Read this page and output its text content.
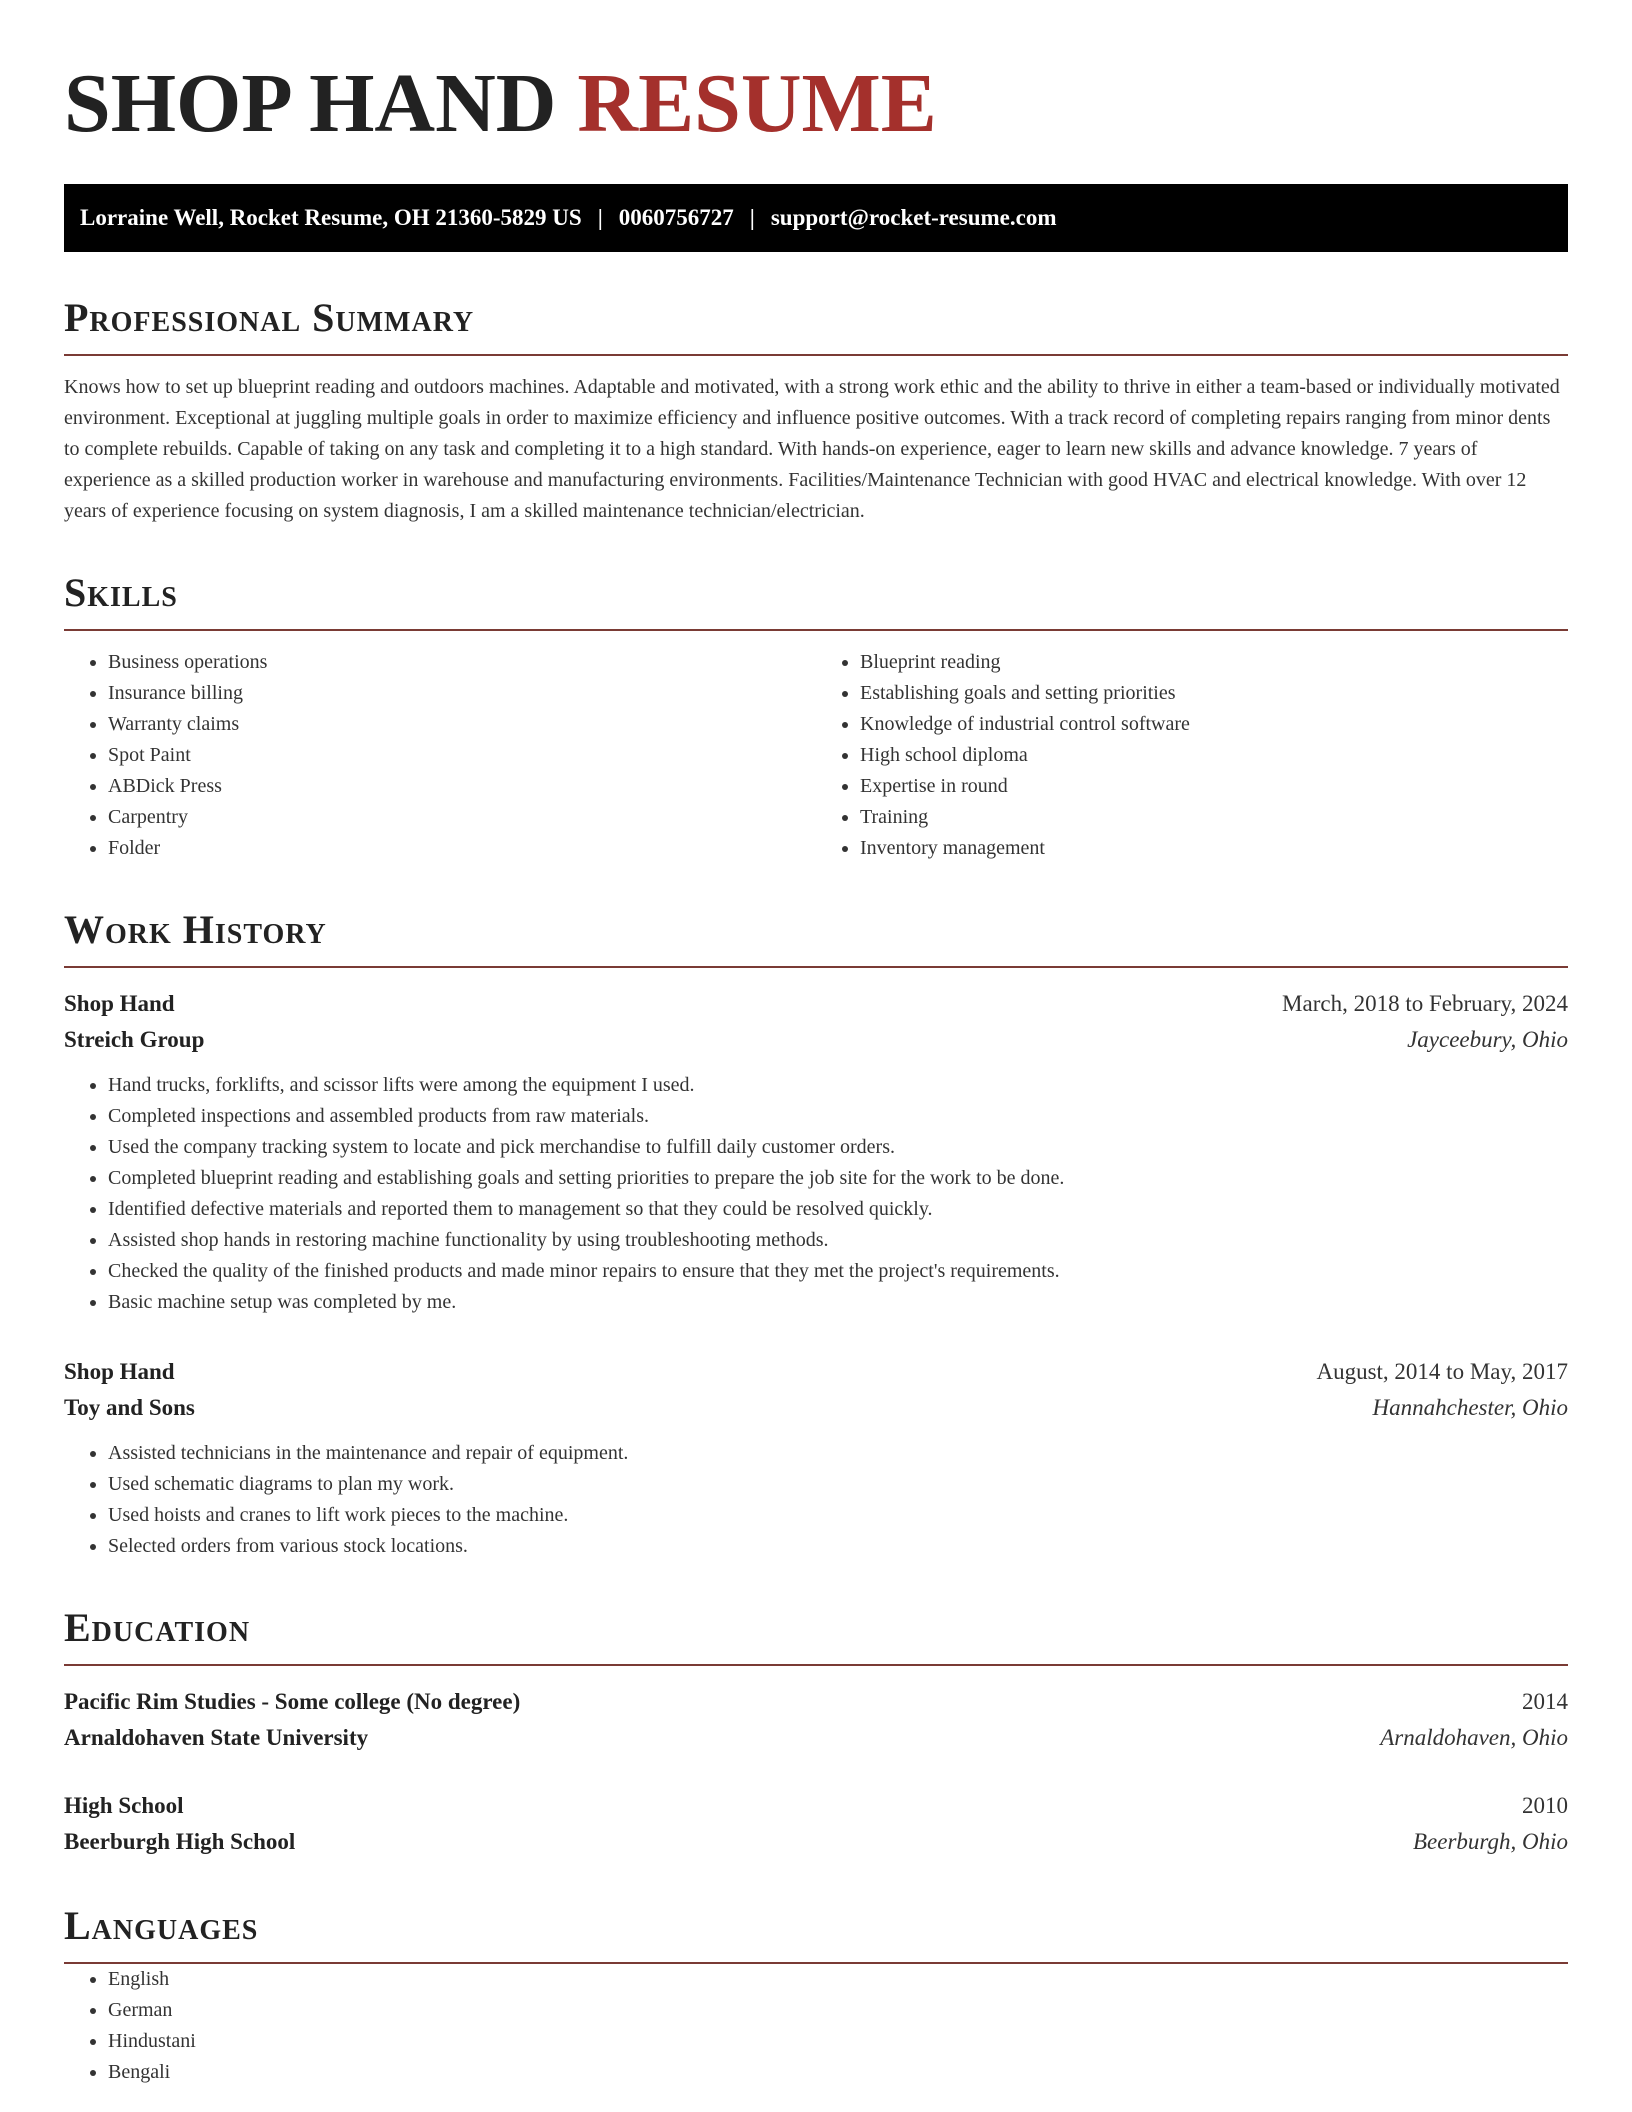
SHOP HAND RESUME
Lorraine Well, Rocket Resume, OH 21360-5829 US | 0060756727 | support@rocket-resume.com
Professional Summary

Knows how to set up blueprint reading and outdoors machines. Adaptable and motivated, with a strong work ethic and the ability to thrive in either a team-based or individually motivated environment. Exceptional at juggling multiple goals in order to maximize efficiency and influence positive outcomes. With a track record of completing repairs ranging from minor dents to complete rebuilds. Capable of taking on any task and completing it to a high standard. With hands-on experience, eager to learn new skills and advance knowledge. 7 years of experience as a skilled production worker in warehouse and manufacturing environments. Facilities/Maintenance Technician with good HVAC and electrical knowledge. With over 12 years of experience focusing on system diagnosis, I am a skilled maintenance technician/electrician.

Skills
• Business operations
• Insurance billing
• Warranty claims
• Spot Paint
• ABDick Press
• Carpentry
• Folder
• Blueprint reading
• Establishing goals and setting priorities
• Knowledge of industrial control software
• High school diploma
• Expertise in round
• Training
• Inventory management
Work History
Shop Hand	March, 2018 to February, 2024
Streich Group	Jayceebury, Ohio
• Hand trucks, forklifts, and scissor lifts were among the equipment I used.
• Completed inspections and assembled products from raw materials.
• Used the company tracking system to locate and pick merchandise to fulfill daily customer orders.
• Completed blueprint reading and establishing goals and setting priorities to prepare the job site for the work to be done.
• Identified defective materials and reported them to management so that they could be resolved quickly.
• Assisted shop hands in restoring machine functionality by using troubleshooting methods.
• Checked the quality of the finished products and made minor repairs to ensure that they met the project's requirements.
• Basic machine setup was completed by me.
Shop Hand	August, 2014 to May, 2017
Toy and Sons	Hannahchester, Ohio
• Assisted technicians in the maintenance and repair of equipment.
• Used schematic diagrams to plan my work.
• Used hoists and cranes to lift work pieces to the machine.
• Selected orders from various stock locations.
Education
Pacific Rim Studies - Some college (No degree)	2014
Arnaldohaven State University	Arnaldohaven, Ohio
High School	2010
Beerburgh High School	Beerburgh, Ohio
Languages
• English
• German
• Hindustani
• Bengali
